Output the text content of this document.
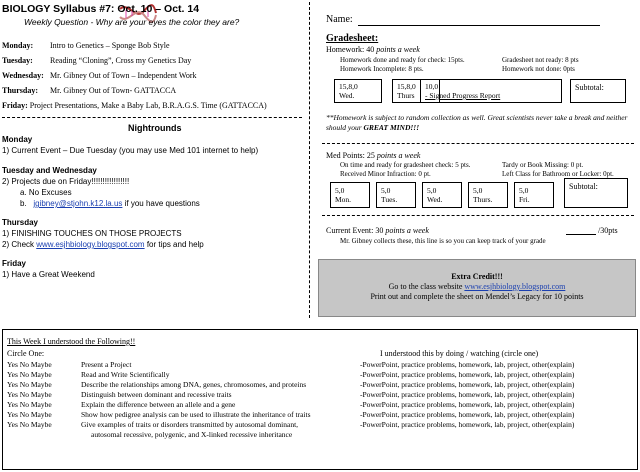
BIOLOGY Syllabus #7: Oct. 10 – Oct. 14
Weekly Question - Why are your eyes the color they are?
Monday: Intro to Genetics – Sponge Bob Style
Tuesday: Reading “Cloning”, Cross my Genetics Day
Wednesday: Mr. Gibney Out of Town – Independent Work
Thursday: Mr. Gibney Out of Town- GATTACCA
Friday: Project Presentations, Make a Baby Lab, B.R.A.G.S. Time (GATTACCA)
Nightrounds
Monday
1) Current Event – Due Tuesday (you may use Med 101 internet to help)
Tuesday and Wednesday
2) Projects due on Friday!!!!!!!!!!!!!!!!!
a. No Excuses
b. jgibney@stjohn.k12.la.us if you have questions
Thursday
1) FINISHING TOUCHES ON THOSE PROJECTS
2) Check www.esjhbiology.blogspot.com for tips and help
Friday
1) Have a Great Weekend
Name:
Gradesheet:
Homework: 40 points a week
Homework done and ready for check: 15pts.
Homework Incomplete: 8 pts.
Gradesheet not ready: 8 pts
Homework not done: 0pts
15,8,0
Wed.
15,8,0
Thurs
10,0
- Signed Progress Report
Subtotal:
**Homework is subject to random collection as well. Great scientists never take a break and neither should your GREAT MIND!!!
Med Points: 25 points a week
On time and ready for gradesheet check: 5 pts.
Received Minor Infraction: 0 pt.
Tardy or Book Missing: 0 pt.
Left Class for Bathroom or Locker: 0pt.
5,0
Mon.
5,0
Tues.
5,0
Wed.
5,0
Thurs.
5,0
Fri.
Subtotal:
Current Event: 30 points a week
Mr. Gibney collects these, this line is so you can keep track of your grade
/30pts
Extra Credit!!!
Go to the class website www.esjhbiology.blogspot.com
Print out and complete the sheet on Mendel’s Legacy for 10 points
This Week I understood the Following!!
Circle One:	I understood this by doing / watching (circle one)
Yes No Maybe	Present a Project	-PowerPoint, practice problems, homework, lab, project, other(explain)
Yes No Maybe	Read and Write Scientifically	-PowerPoint, practice problems, homework, lab, project, other(explain)
Yes No Maybe	Describe the relationships among DNA, genes, chromosomes, and proteins	-PowerPoint, practice problems, homework, lab, project, other(explain)
Yes No Maybe	Distinguish between dominant and recessive traits	-PowerPoint, practice problems, homework, lab, project, other(explain)
Yes No Maybe	Explain the difference between an allele and a gene	-PowerPoint, practice problems, homework, lab, project, other(explain)
Yes No Maybe	Show how pedigree analysis can be used to illustrate the inheritance of traits	-PowerPoint, practice problems, homework, lab, project, other(explain)
Yes No Maybe	Give examples of traits or disorders transmitted by autosomal dominant,	-PowerPoint, practice problems, homework, lab, project, other(explain)
autosomal recessive, polygenic, and X-linked recessive inheritance
